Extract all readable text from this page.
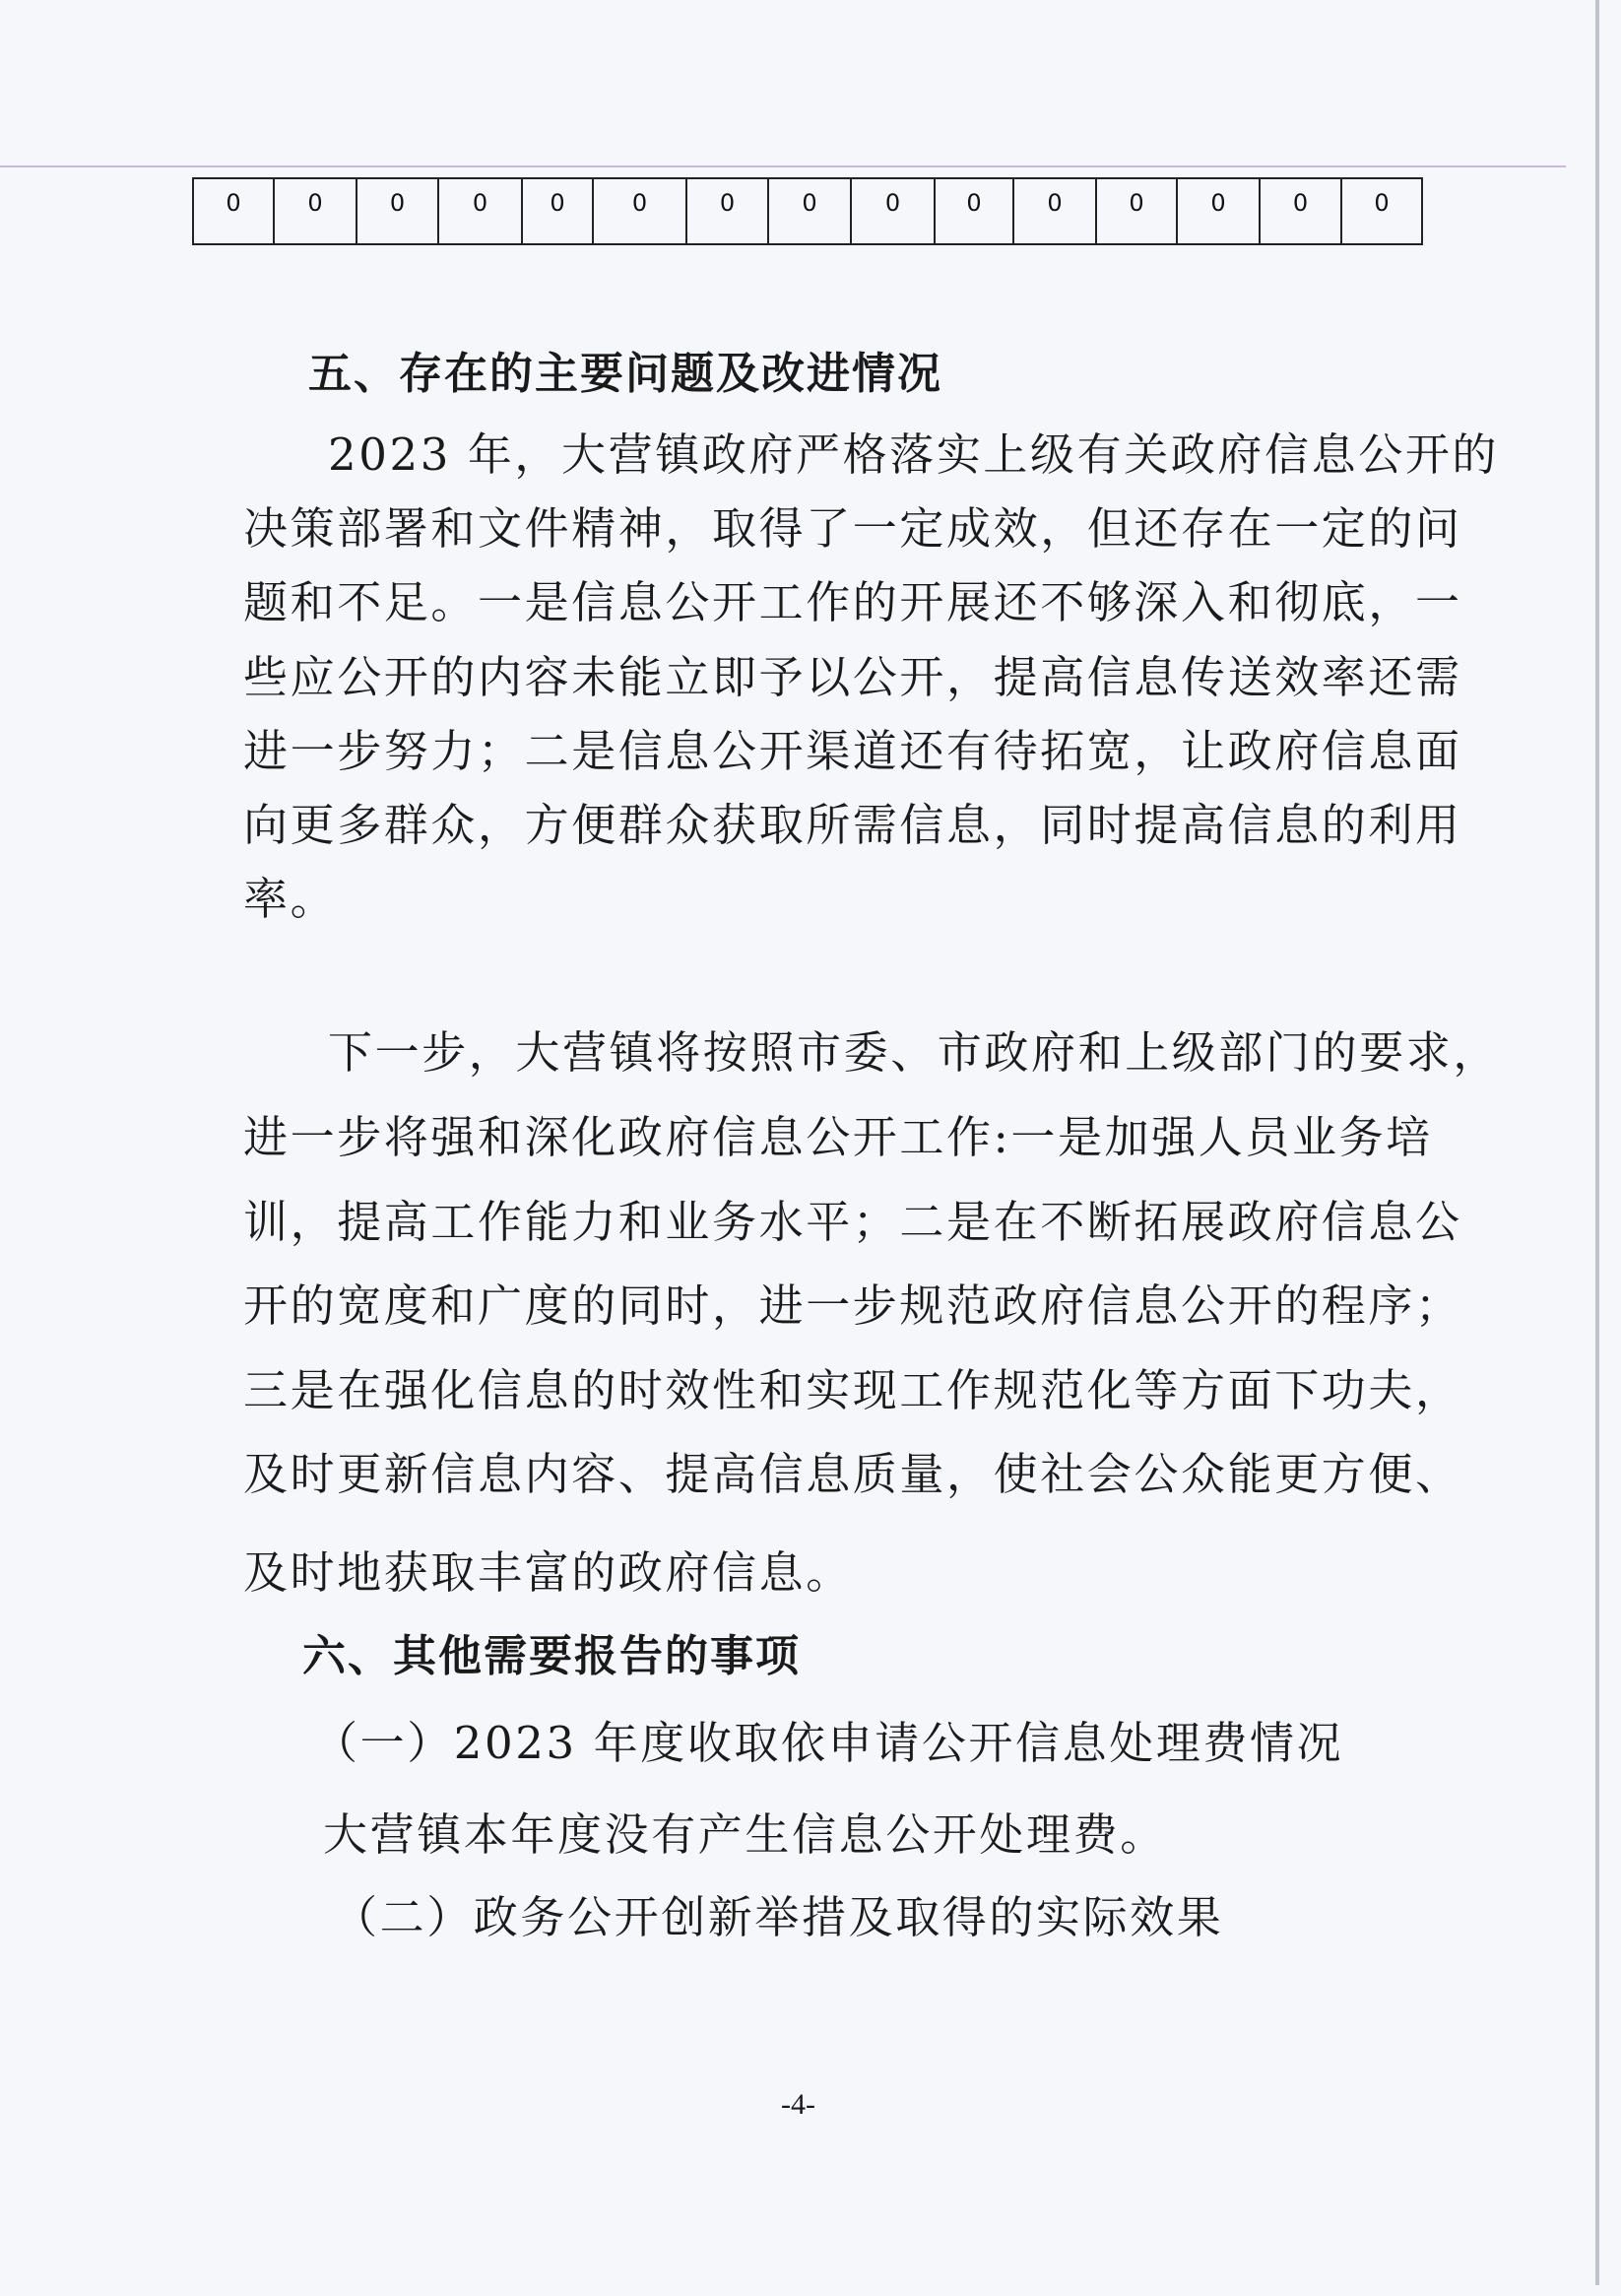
0	0	0	0	0	0	0	0	0	0	0	0	0	0	0
五、存在的主要问题及改进情况
2023 年，大营镇政府严格落实上级有关政府信息公开的
决策部署和文件精神，取得了一定成效，但还存在一定的问
题和不足。一是信息公开工作的开展还不够深入和彻底，一
些应公开的内容未能立即予以公开，提高信息传送效率还需
进一步努力；二是信息公开渠道还有待拓宽，让政府信息面
向更多群众，方便群众获取所需信息，同时提高信息的利用
率。
下一步，大营镇将按照市委、市政府和上级部门的要求，
进一步将强和深化政府信息公开工作:一是加强人员业务培
训，提高工作能力和业务水平；二是在不断拓展政府信息公
开的宽度和广度的同时，进一步规范政府信息公开的程序；
三是在强化信息的时效性和实现工作规范化等方面下功夫，
及时更新信息内容、提高信息质量，使社会公众能更方便、
及时地获取丰富的政府信息。
六、其他需要报告的事项
（一）2023 年度收取依申请公开信息处理费情况
大营镇本年度没有产生信息公开处理费。
（二）政务公开创新举措及取得的实际效果
-4-
